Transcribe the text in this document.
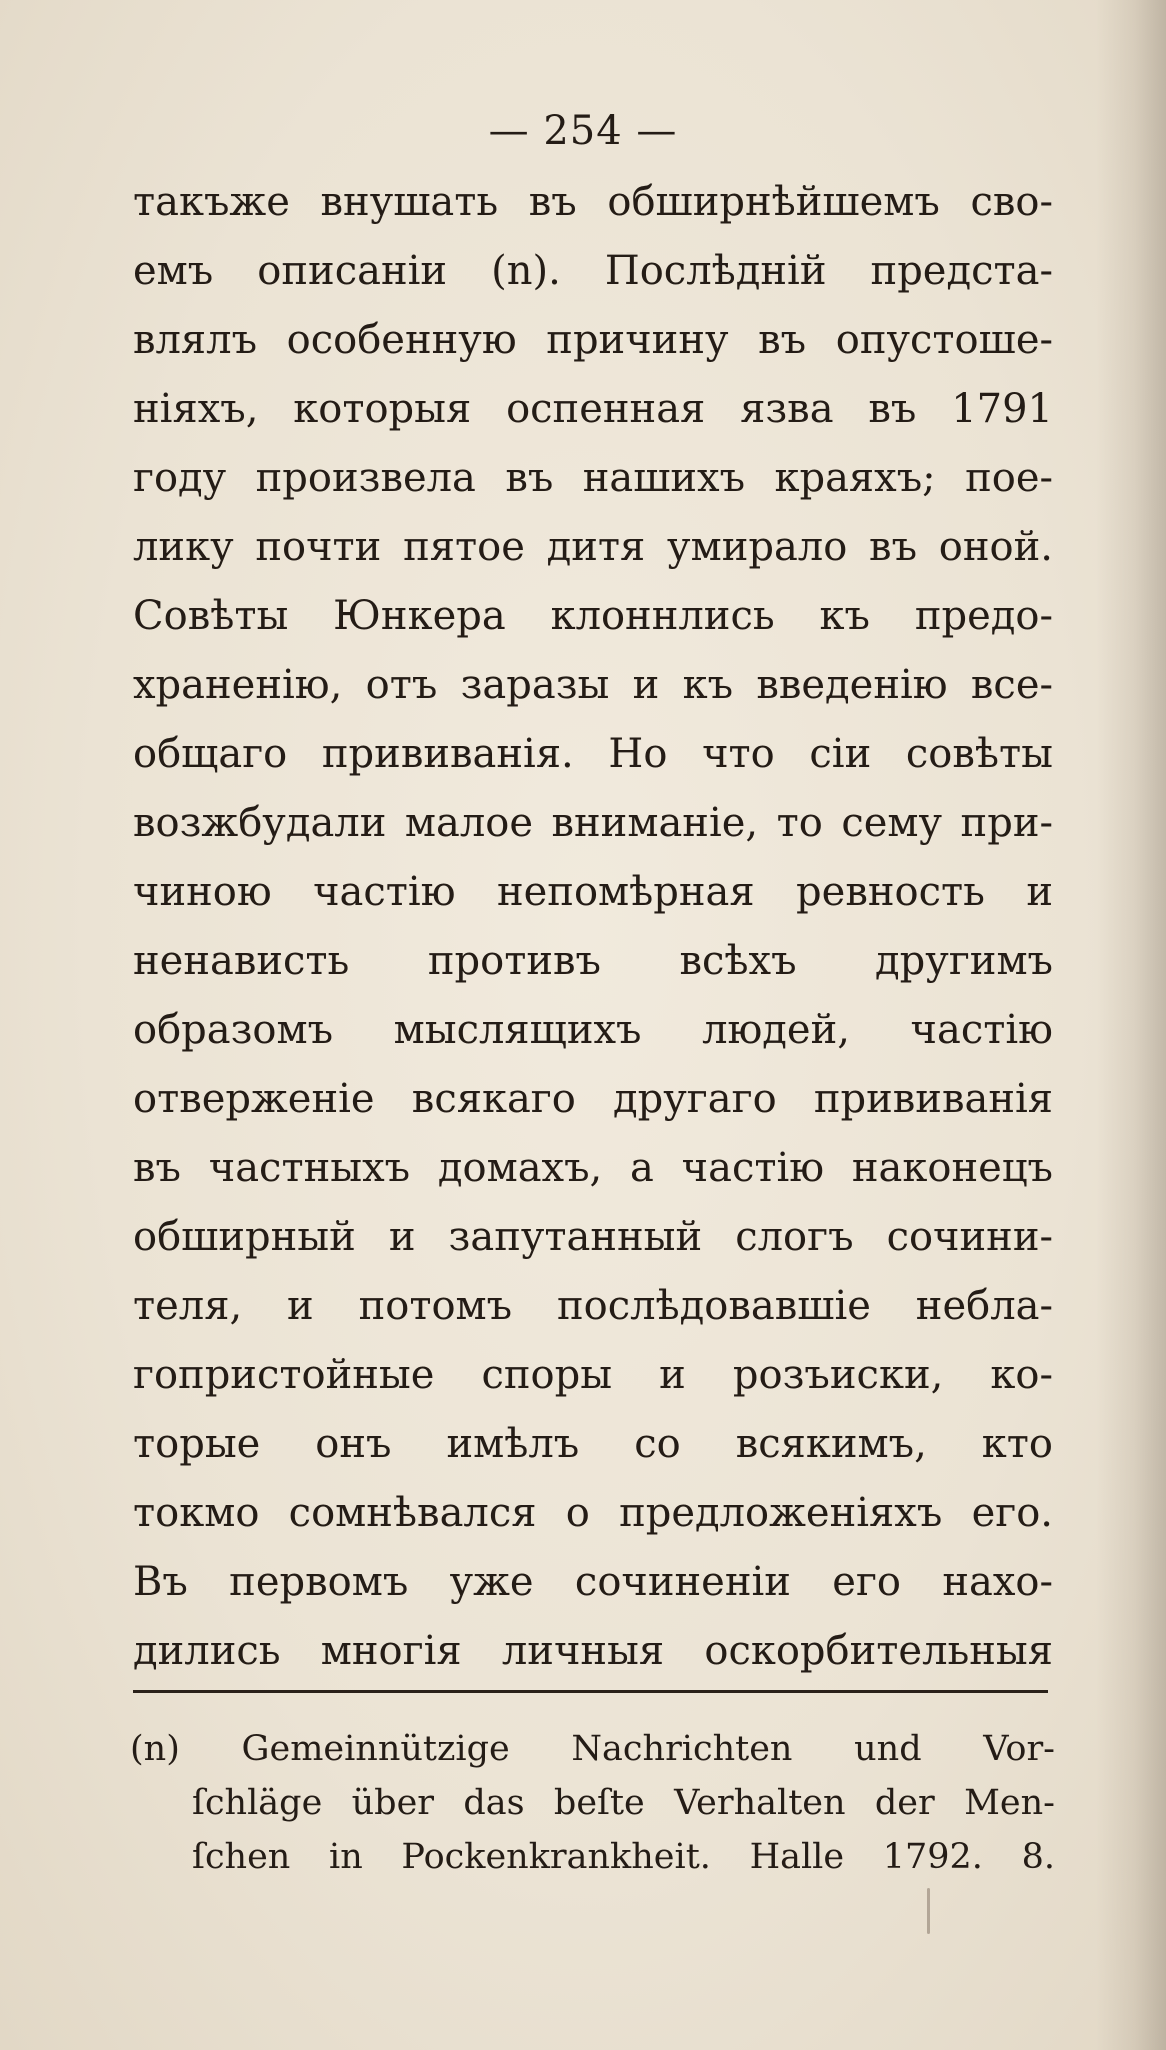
— 254 —
такъже внушать въ обширнѣйшемъ сво-
емъ описаніи (n). Послѣдній предста-
влялъ особенную причину въ опустоше-
ніяхъ, которыя оспенная язва въ 1791
году произвела въ нашихъ краяхъ; поe-
лику почти пятое дитя умирало въ оной.
Совѣты Юнкера клоннлись къ предо-
храненію, отъ заразы и къ введенію все-
общаго прививанія. Но что сіи совѣты
возжбудали малое вниманіе, то сему при-
чиною частію непомѣрная ревность и
ненависть противъ всѣхъ другимъ
образомъ мыслящихъ людей, частію
отверженіе всякаго другаго прививанія
въ частныхъ домахъ, а частію наконецъ
обширный и запутанный слогъ сочини-
теля, и потомъ послѣдовавшіе небла-
гопристойные споры и розъиски, ко-
торые онъ имѣлъ со всякимъ, кто
токмо сомнѣвался о предложеніяхъ его.
Въ первомъ уже сочиненіи его нахо-
дились многія личныя оскорбительныя
(n) Gemeinnützige Nachrichten und Vor-
ſchläge über das beſte Verhalten der Men-
ſchen in Pockenkrankheit. Halle 1792. 8.
